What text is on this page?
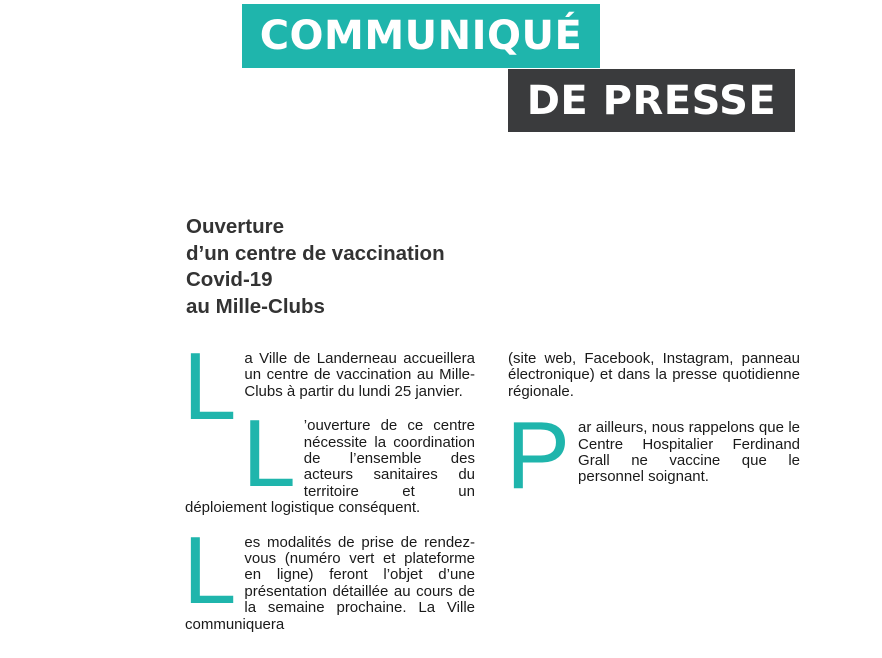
COMMUNIQUÉ
DE PRESSE
Ouverture
d’un centre de vaccination
Covid-19
au Mille-Clubs
L a Ville de Landerneau accueillera un centre de vaccination au Mille-Clubs à partir du lundi 25 janvier.

L ’ouverture de ce centre nécessite la coordination de l’ensemble des acteurs sanitaires du territoire et un déploiement logistique conséquent.

L es modalités de prise de rendez-vous (numéro vert et plateforme en ligne) feront l’objet d’une présentation détaillée au cours de la semaine prochaine. La Ville communiquera

(site web, Facebook, Instagram, panneau électronique) et dans la presse quotidienne régionale.

P ar ailleurs, nous rappelons que le Centre Hospitalier Ferdinand Grall ne vaccine que le personnel soignant.
